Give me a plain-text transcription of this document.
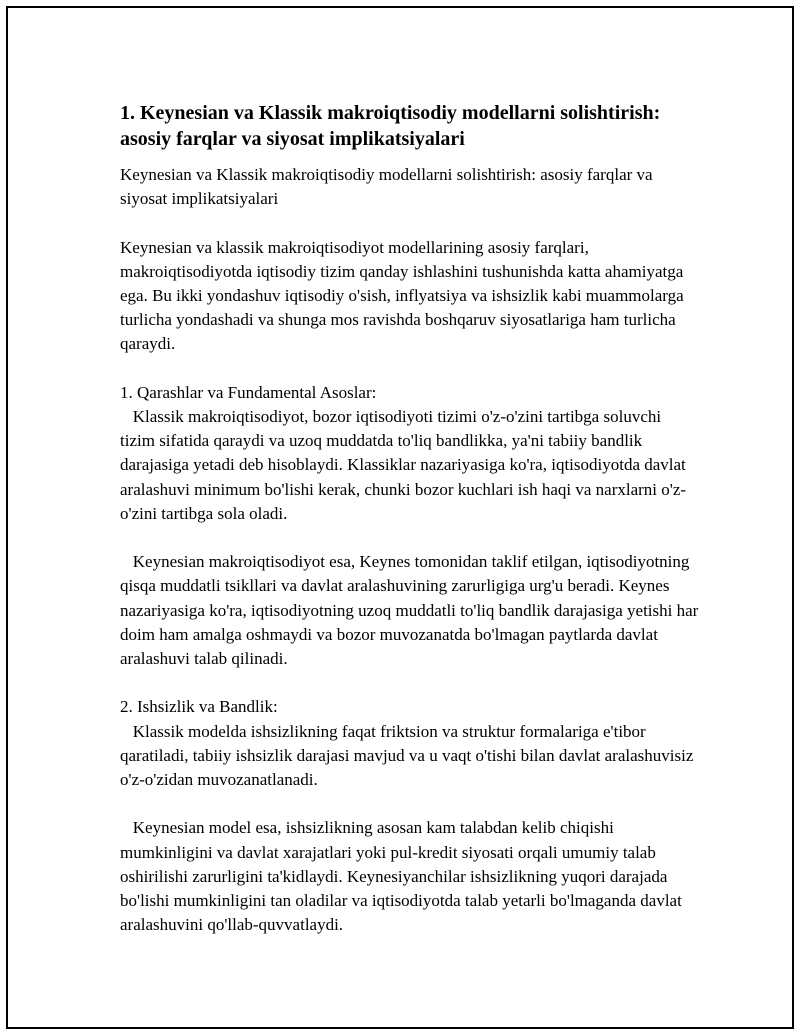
1. Keynesian va Klassik makroiqtisodiy modellarni solishtirish: asosiy farqlar va siyosat implikatsiyalari

Keynesian va Klassik makroiqtisodiy modellarni solishtirish: asosiy farqlar va siyosat implikatsiyalari

Keynesian va klassik makroiqtisodiyot modellarining asosiy farqlari, makroiqtisodiyotda iqtisodiy tizim qanday ishlashini tushunishda katta ahamiyatga ega. Bu ikki yondashuv iqtisodiy o'sish, inflyatsiya va ishsizlik kabi muammolarga turlicha yondashadi va shunga mos ravishda boshqaruv siyosatlariga ham turlicha qaraydi.

1. Qarashlar va Fundamental Asoslar:

Klassik makroiqtisodiyot, bozor iqtisodiyoti tizimi o'z-o'zini tartibga soluvchi tizim sifatida qaraydi va uzoq muddatda to'liq bandlikka, ya'ni tabiiy bandlik darajasiga yetadi deb hisoblaydi. Klassiklar nazariyasiga ko'ra, iqtisodiyotda davlat aralashuvi minimum bo'lishi kerak, chunki bozor kuchlari ish haqi va narxlarni o'z-o'zini tartibga sola oladi.

Keynesian makroiqtisodiyot esa, Keynes tomonidan taklif etilgan, iqtisodiyotning qisqa muddatli tsikllari va davlat aralashuvining zarurligiga urg'u beradi. Keynes nazariyasiga ko'ra, iqtisodiyotning uzoq muddatli to'liq bandlik darajasiga yetishi har doim ham amalga oshmaydi va bozor muvozanatda bo'lmagan paytlarda davlat aralashuvi talab qilinadi.

2. Ishsizlik va Bandlik:

Klassik modelda ishsizlikning faqat friktsion va struktur formalariga e'tibor qaratiladi, tabiiy ishsizlik darajasi mavjud va u vaqt o'tishi bilan davlat aralashuvisiz o'z-o'zidan muvozanatlanadi.

Keynesian model esa, ishsizlikning asosan kam talabdan kelib chiqishi mumkinligini va davlat xarajatlari yoki pul-kredit siyosati orqali umumiy talab oshirilishi zarurligini ta'kidlaydi. Keynesiyanchilar ishsizlikning yuqori darajada bo'lishi mumkinligini tan oladilar va iqtisodiyotda talab yetarli bo'lmaganda davlat aralashuvini qo'llab-quvvatlaydi.
